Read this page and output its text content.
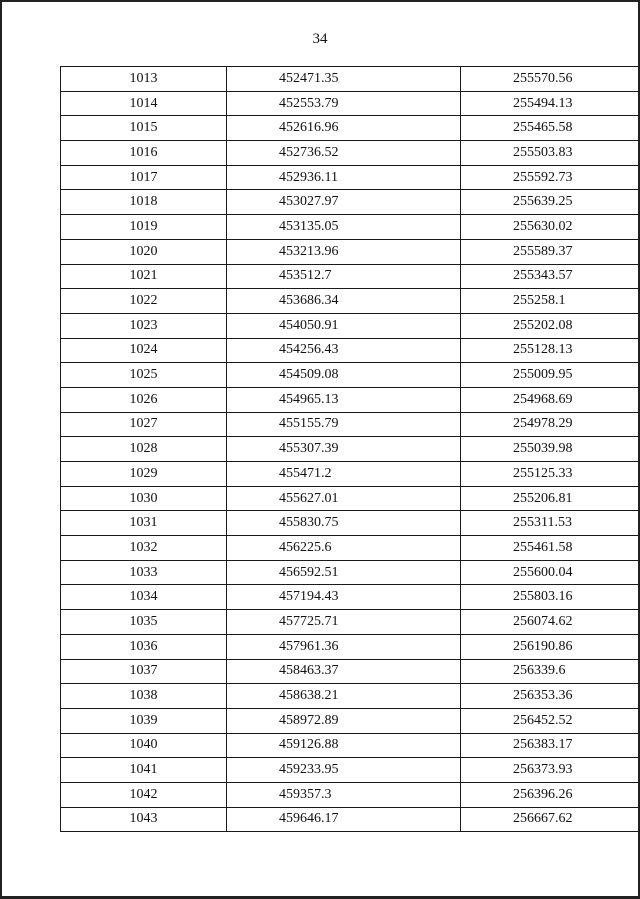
34
1013	452471.35	255570.56
1014	452553.79	255494.13
1015	452616.96	255465.58
1016	452736.52	255503.83
1017	452936.11	255592.73
1018	453027.97	255639.25
1019	453135.05	255630.02
1020	453213.96	255589.37
1021	453512.7	255343.57
1022	453686.34	255258.1
1023	454050.91	255202.08
1024	454256.43	255128.13
1025	454509.08	255009.95
1026	454965.13	254968.69
1027	455155.79	254978.29
1028	455307.39	255039.98
1029	455471.2	255125.33
1030	455627.01	255206.81
1031	455830.75	255311.53
1032	456225.6	255461.58
1033	456592.51	255600.04
1034	457194.43	255803.16
1035	457725.71	256074.62
1036	457961.36	256190.86
1037	458463.37	256339.6
1038	458638.21	256353.36
1039	458972.89	256452.52
1040	459126.88	256383.17
1041	459233.95	256373.93
1042	459357.3	256396.26
1043	459646.17	256667.62
